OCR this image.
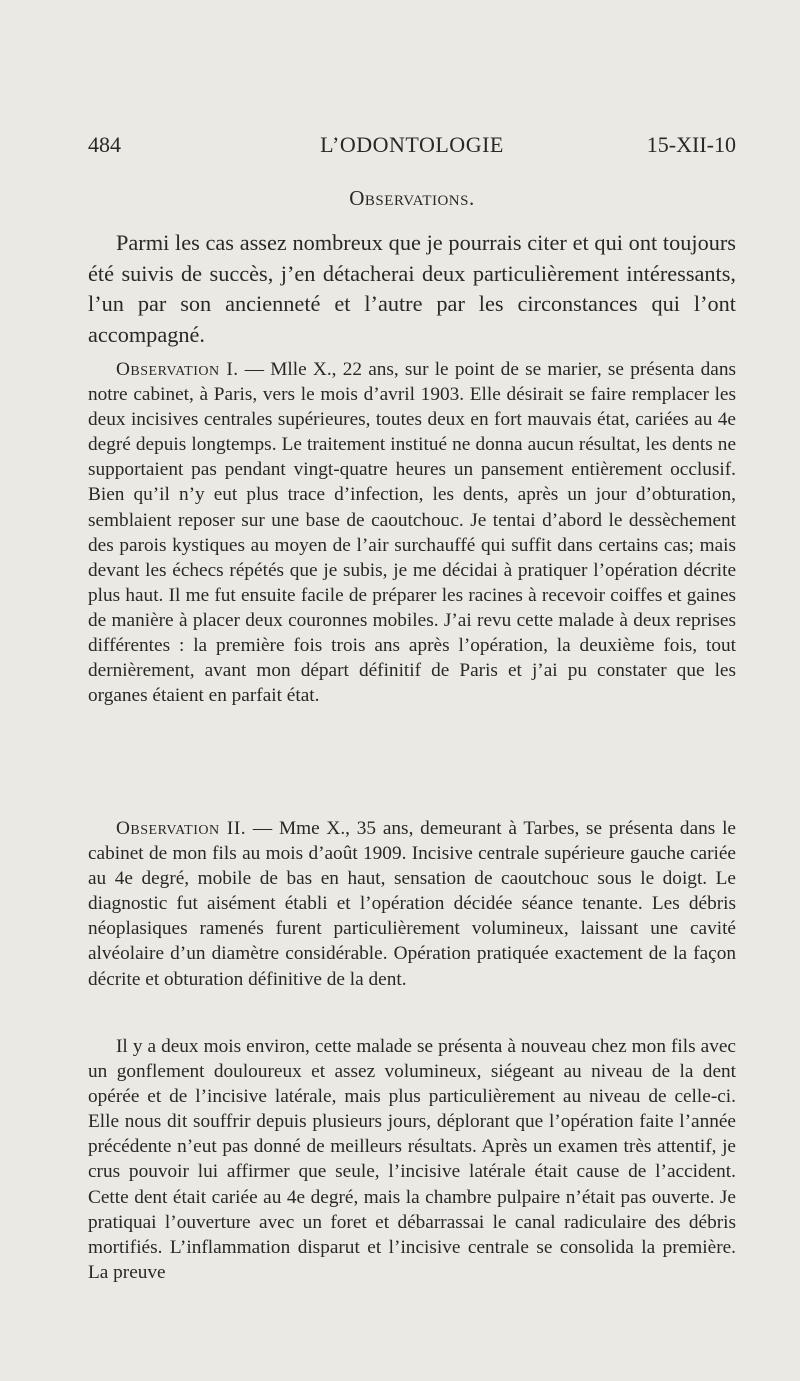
484	L’ODONTOLOGIE	15-XII-10
Observations.

Parmi les cas assez nombreux que je pourrais citer et qui ont toujours été suivis de succès, j’en détacherai deux particulièrement intéressants, l’un par son ancienneté et l’autre par les circonstances qui l’ont accompagné.

Observation I. — Mlle X., 22 ans, sur le point de se marier, se présenta dans notre cabinet, à Paris, vers le mois d’avril 1903. Elle désirait se faire remplacer les deux incisives centrales supérieures, toutes deux en fort mauvais état, cariées au 4e degré depuis longtemps. Le traitement institué ne donna aucun résultat, les dents ne supportaient pas pendant vingt-quatre heures un pansement entièrement occlusif. Bien qu’il n’y eut plus trace d’infection, les dents, après un jour d’obturation, semblaient reposer sur une base de caoutchouc. Je tentai d’abord le dessèchement des parois kystiques au moyen de l’air surchauffé qui suffit dans certains cas; mais devant les échecs répétés que je subis, je me décidai à pratiquer l’opération décrite plus haut. Il me fut ensuite facile de préparer les racines à recevoir coiffes et gaines de manière à placer deux couronnes mobiles. J’ai revu cette malade à deux reprises différentes : la première fois trois ans après l’opération, la deuxième fois, tout dernièrement, avant mon départ définitif de Paris et j’ai pu constater que les organes étaient en parfait état.

Observation II. — Mme X., 35 ans, demeurant à Tarbes, se présenta dans le cabinet de mon fils au mois d’août 1909. Incisive centrale supérieure gauche cariée au 4e degré, mobile de bas en haut, sensation de caoutchouc sous le doigt. Le diagnostic fut aisément établi et l’opération décidée séance tenante. Les débris néoplasiques ramenés furent particulièrement volumineux, laissant une cavité alvéolaire d’un diamètre considérable. Opération pratiquée exactement de la façon décrite et obturation définitive de la dent.

Il y a deux mois environ, cette malade se présenta à nouveau chez mon fils avec un gonflement douloureux et assez volumineux, siégeant au niveau de la dent opérée et de l’incisive latérale, mais plus particulièrement au niveau de celle-ci. Elle nous dit souffrir depuis plusieurs jours, déplorant que l’opération faite l’année précédente n’eut pas donné de meilleurs résultats. Après un examen très attentif, je crus pouvoir lui affirmer que seule, l’incisive latérale était cause de l’accident. Cette dent était cariée au 4e degré, mais la chambre pulpaire n’était pas ouverte. Je pratiquai l’ouverture avec un foret et débarrassai le canal radiculaire des débris mortifiés. L’inflammation disparut et l’incisive centrale se consolida la première. La preuve
